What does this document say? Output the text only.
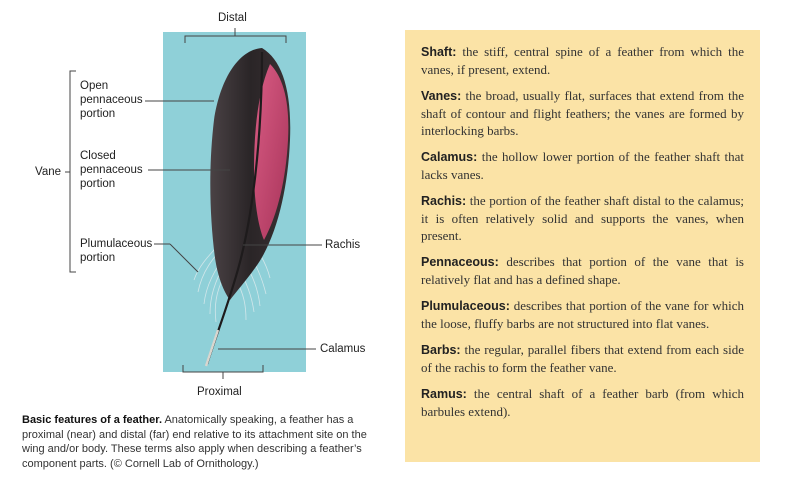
Distal
Open
pennaceous
portion
Closed
pennaceous
portion
Vane
Plumulaceous
portion
Rachis
Calamus
Proximal
Basic features of a feather. Anatomically speaking, a feather has a proximal (near) and distal (far) end relative to its attachment site on the wing and/or body. These terms also apply when describing a feather’s component parts. (© Cornell Lab of Ornithology.)

Shaft: the stiff, central spine of a feather from which the vanes, if present, extend.

Vanes: the broad, usually flat, surfaces that extend from the shaft of contour and flight feathers; the vanes are formed by interlocking barbs.

Calamus: the hollow lower portion of the feather shaft that lacks vanes.

Rachis: the portion of the feather shaft distal to the calamus; it is often relatively solid and supports the vanes, when present.

Pennaceous: describes that portion of the vane that is relatively flat and has a defined shape.

Plumulaceous: describes that portion of the vane for which the loose, fluffy barbs are not structured into flat vanes.

Barbs: the regular, parallel fibers that extend from each side of the rachis to form the feather vane.

Ramus: the central shaft of a feather barb (from which barbules extend).
